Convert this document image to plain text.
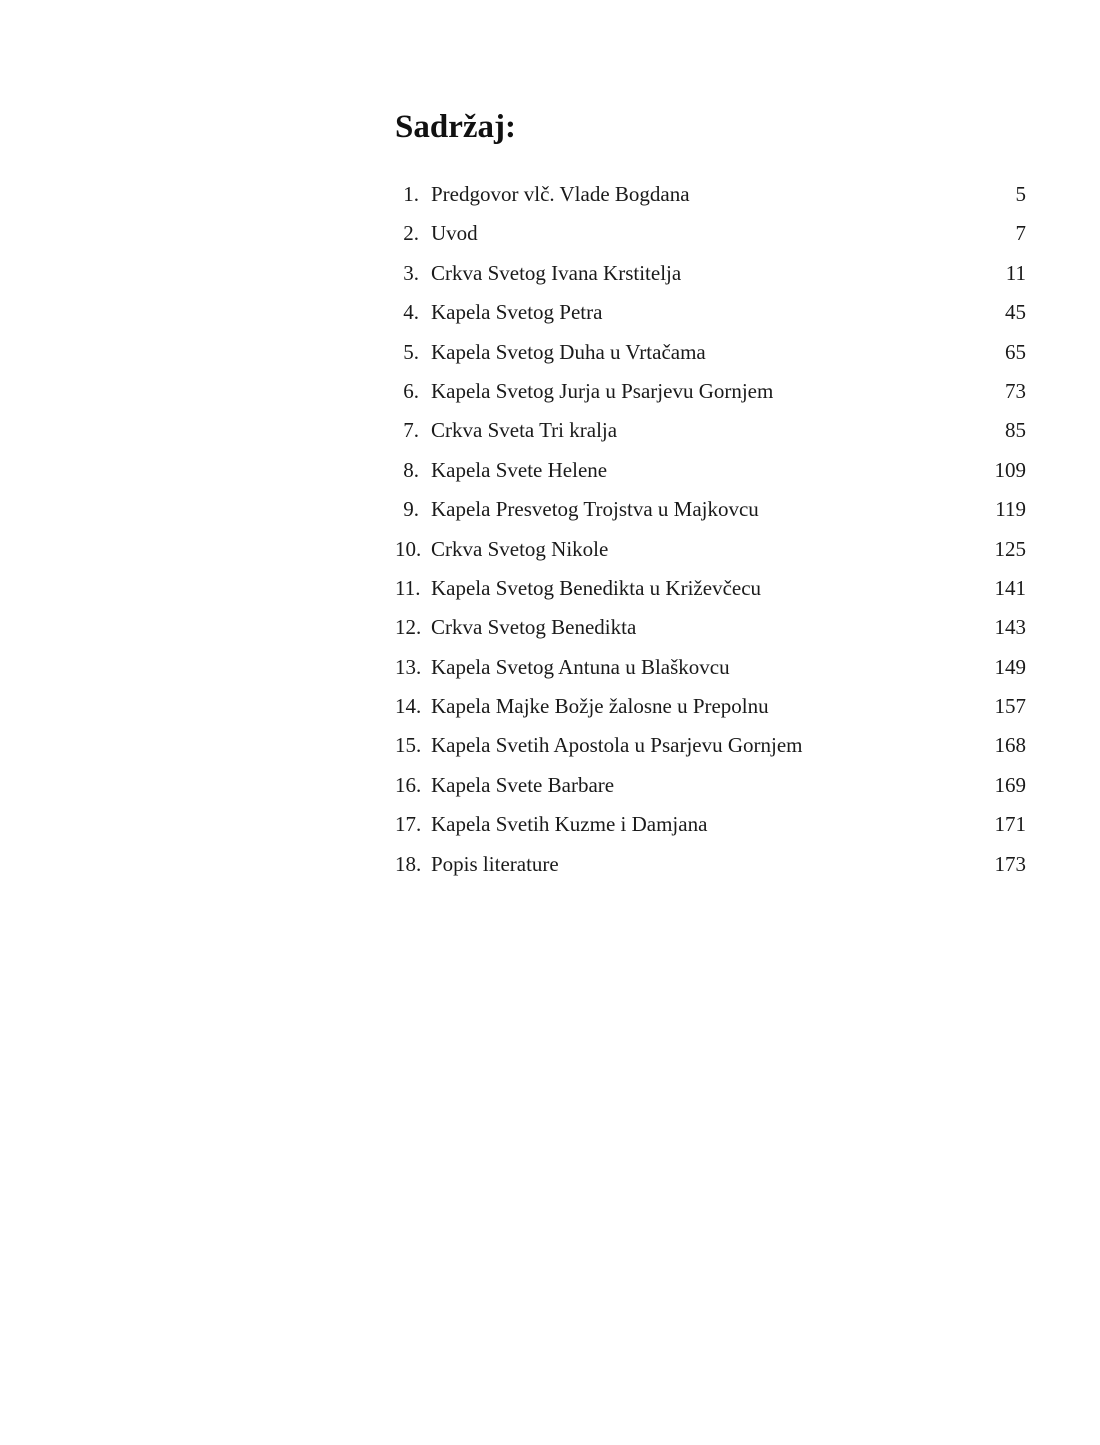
Sadržaj:
1. Predgovor vlč. Vlade Bogdana	5
2. Uvod	7
3. Crkva Svetog Ivana Krstitelja	11
4. Kapela Svetog Petra	45
5. Kapela Svetog Duha u Vrtačama	65
6. Kapela Svetog Jurja u Psarjevu Gornjem	73
7. Crkva Sveta Tri kralja	85
8. Kapela Svete Helene	109
9. Kapela Presvetog Trojstva u Majkovcu	119
10. Crkva Svetog Nikole	125
11. Kapela Svetog Benedikta u Križevčecu	141
12. Crkva Svetog Benedikta	143
13. Kapela Svetog Antuna u Blaškovcu	149
14. Kapela Majke Božje žalosne u Prepolnu	157
15. Kapela Svetih Apostola u Psarjevu Gornjem	168
16. Kapela Svete Barbare	169
17. Kapela Svetih Kuzme i Damjana	171
18. Popis literature	173
